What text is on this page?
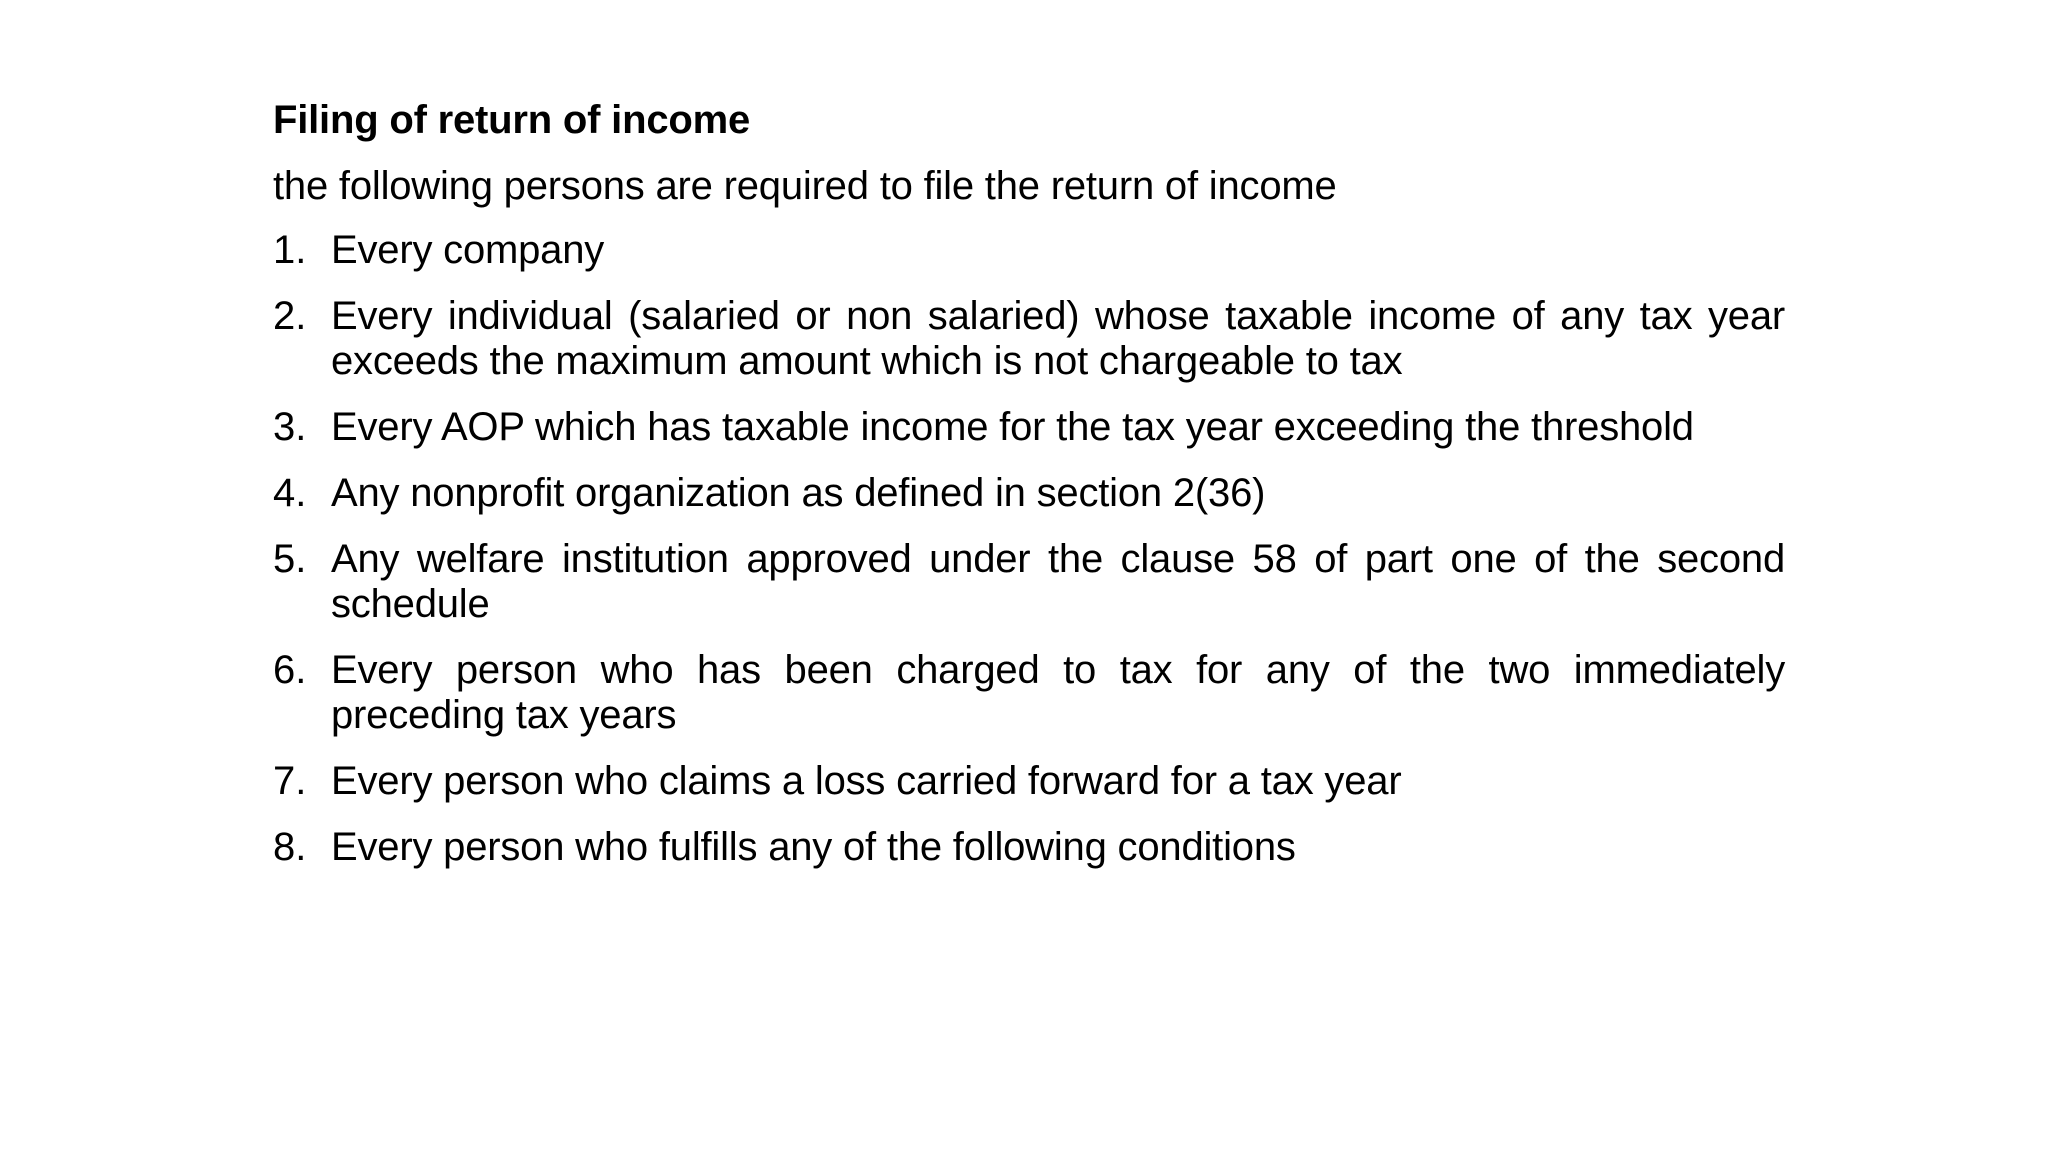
Filing of return of income
the following persons are required to file the return of income
1. Every company
2. Every individual (salaried or non salaried) whose taxable income of any tax year exceeds the maximum amount which is not chargeable to tax
3. Every AOP which has taxable income for the tax year exceeding the threshold
4. Any nonprofit organization as defined in section 2(36)
5. Any welfare institution approved under the clause 58 of part one of the second schedule
6. Every person who has been charged to tax for any of the two immediately preceding tax years
7. Every person who claims a loss carried forward for a tax year
8. Every person who fulfills any of the following conditions
